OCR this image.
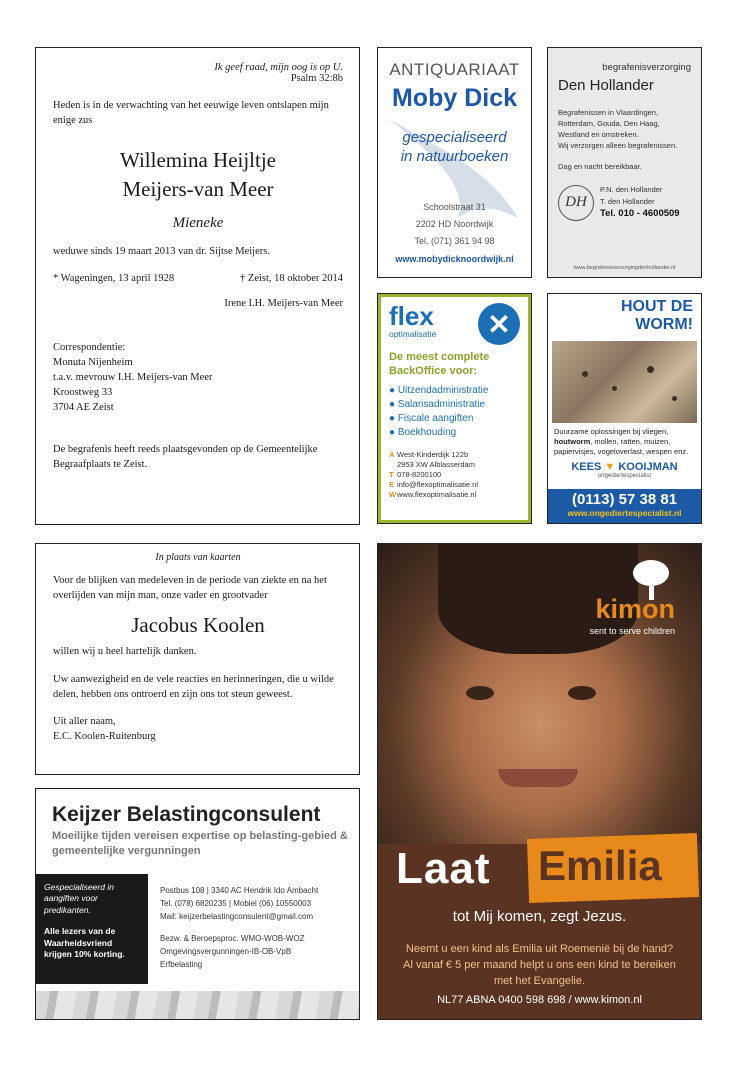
Ik geef raad, mijn oog is op U.
Psalm 32:8b

Heden is in de verwachting van het eeuwige leven ontslapen mijn enige zus

Willemina Heijltje
Meijers-van Meer
Mieneke

weduwe sinds 19 maart 2013 van dr. Sijtse Meijers.

* Wageningen, 13 april 1928	† Zeist, 18 oktober 2014
Irene I.H. Meijers-van Meer
Correspondentie:
Monuta Nijenheim
t.a.v. mevrouw I.H. Meijers-van Meer
Kroostweg 33
3704 AE Zeist

De begrafenis heeft reeds plaatsgevonden op de Gemeentelijke Begraafplaats te Zeist.

In plaats van kaarten

Voor de blijken van medeleven in de periode van ziekte en na het overlijden van mijn man, onze vader en grootvader

Jacobus Koolen

willen wij u heel hartelijk danken.

Uw aanwezigheid en de vele reacties en herinneringen, die u wilde delen, hebben ons ontroerd en zijn ons tot steun geweest.

Uit aller naam,

E.C. Koolen-Ruitenburg

ANTIQUARIAAT
Moby Dick
gespecialiseerd
in natuurboeken
Schoolstraat 31
2202 HD Noordwijk
Tel. (071) 361 94 98
www.mobydicknoordwijk.nl
begrafenisverzorging
Den Hollander
Begrafenissen in Vlaardingen, Rotterdam, Gouda, Den Haag, Westland en omstreken.
Wij verzorgen alleen begrafenissen.
Dag en nacht bereikbaar.
DH
P.N. den Hollander
T. den Hollander
Tel. 010 - 4600509
www.begrafenisverzorgingdenhollander.nl
flex
optimalisatie	✕
De meest complete BackOffice voor:
● Uitzendadministratie
● Salarisadministratie
● Fiscale aangiften
● Boekhouding
A West-Kinderdijk 122b
2953 XW Alblasserdam
T 078-8200100
E info@flexoptimalisatie.nl
Wwww.flexoptimalisatie.nl
HOUT DE
WORM!
Duurzame oplossingen bij vliegen, houtworm, mollen, ratten, muizen, papiervisjes, vogeloverlast, wespen enz.
KEES ▼ KOOIJMAN
ongediertespecialist
(0113) 57 38 81
www.ongediertespecialist.nl
Keijzer Belastingconsulent
Moeilijke tijden vereisen expertise op belasting-gebied & gemeentelijke vergunningen
Gespecialiseerd in aangiften voor predikanten.
Alle lezers van de Waarheidsvriend krijgen 10% korting.
Postbus 108 | 3340 AC Hendrik Ido Ambacht
Tel. (078) 6820235 | Mobiel (06) 10550003
Mail: keijzerbelastingconsulent@gmail.com
Bezw. & Beroepsproc. WMO-WOB-WOZ
Omgevingsvergunningen-IB-OB-VpB
Erfbelasting
kimon
sent to serve children
Laat Emilia
tot Mij komen, zegt Jezus.
Neemt u een kind als Emilia uit Roemenië bij de hand? Al vanaf € 5 per maand helpt u ons een kind te bereiken met het Evangelie.
NL77 ABNA 0400 598 698 / www.kimon.nl
